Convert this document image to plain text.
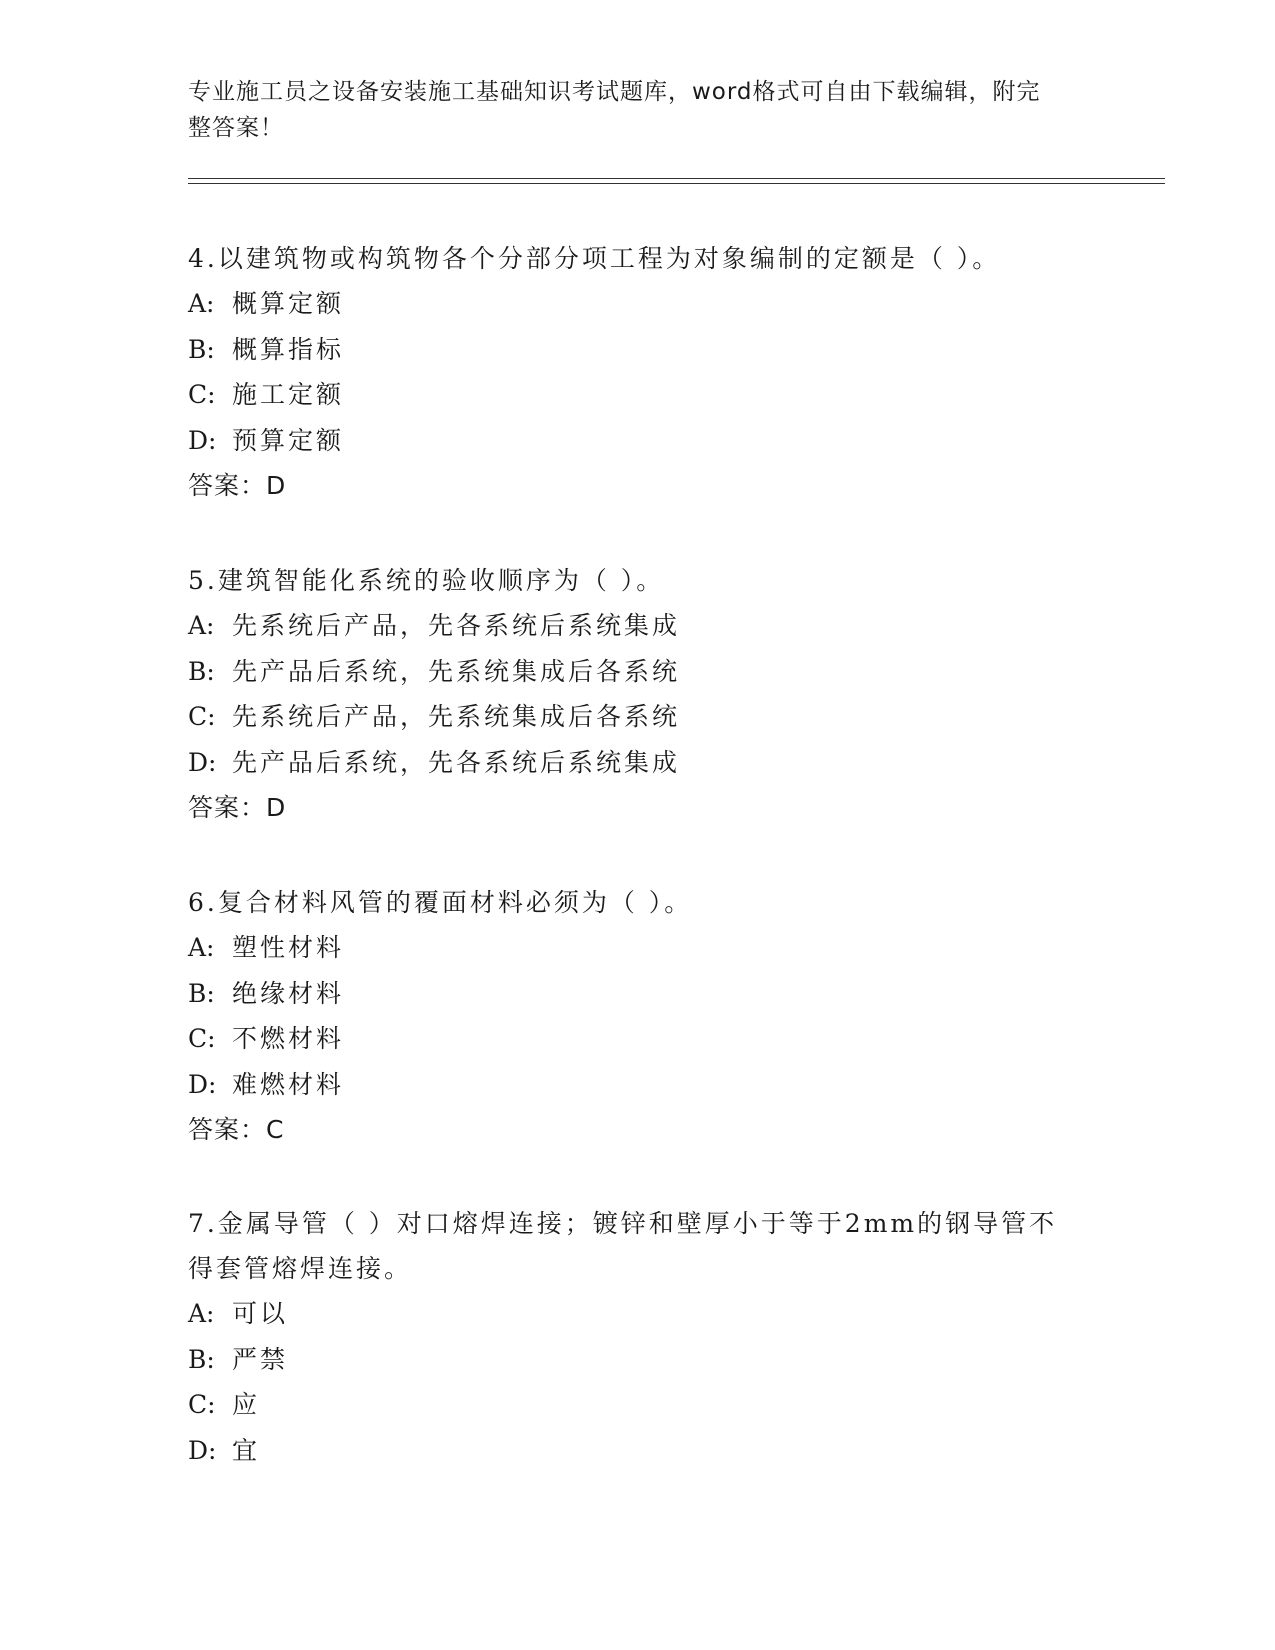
专业施工员之设备安装施工基础知识考试题库，word格式可自由下载编辑，附完
整答案！

4.以建筑物或构筑物各个分部分项工程为对象编制的定额是（ ）。

A: 概算定额

B: 概算指标

C: 施工定额

D: 预算定额

答案：D

5.建筑智能化系统的验收顺序为（ ）。

A: 先系统后产品，先各系统后系统集成

B: 先产品后系统，先系统集成后各系统

C: 先系统后产品，先系统集成后各系统

D: 先产品后系统，先各系统后系统集成

答案：D

6.复合材料风管的覆面材料必须为（ ）。

A: 塑性材料

B: 绝缘材料

C: 不燃材料

D: 难燃材料

答案：C

7.金属导管（ ）对口熔焊连接；镀锌和壁厚小于等于2mm的钢导管不

得套管熔焊连接。

A: 可以

B: 严禁

C: 应

D: 宜
